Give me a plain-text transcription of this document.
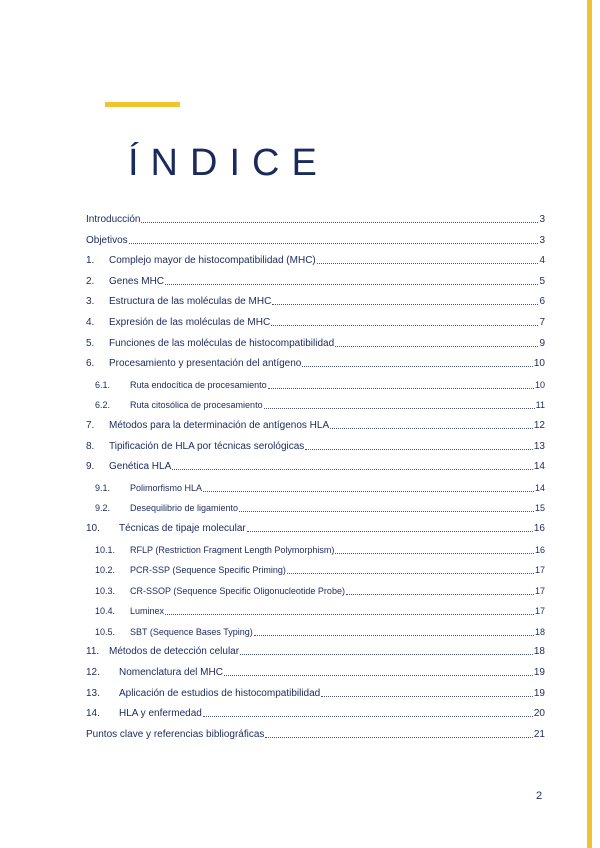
ÍNDICE
Introducción	3
Objetivos	3
1.	Complejo mayor de histocompatibilidad (MHC)	4
2.	Genes MHC	5
3.	Estructura de las moléculas de MHC	6
4.	Expresión de las moléculas de MHC	7
5.	Funciones de las moléculas de histocompatibilidad	9
6.	Procesamiento y presentación del antígeno	10
6.1.	Ruta endocítica de procesamiento	10
6.2.	Ruta citosólica de procesamiento	11
7.	Métodos para la determinación de antígenos HLA	12
8.	Tipificación de HLA por técnicas serológicas	13
9.	Genética HLA	14
9.1.	Polimorfismo HLA	14
9.2.	Desequilibrio de ligamiento	15
10.	Técnicas de tipaje molecular	16
10.1.	RFLP (Restriction Fragment Length Polymorphism)	16
10.2.	PCR-SSP (Sequence Specific Priming)	17
10.3.	CR-SSOP (Sequence Specific Oligonucleotide Probe)	17
10.4.	Luminex	17
10.5.	SBT (Sequence Bases Typing)	18
11. Métodos de detección celular	18
12.	Nomenclatura del MHC	19
13.	Aplicación de estudios de histocompatibilidad	19
14.	HLA y enfermedad	20
Puntos clave y referencias bibliográficas	21
2
